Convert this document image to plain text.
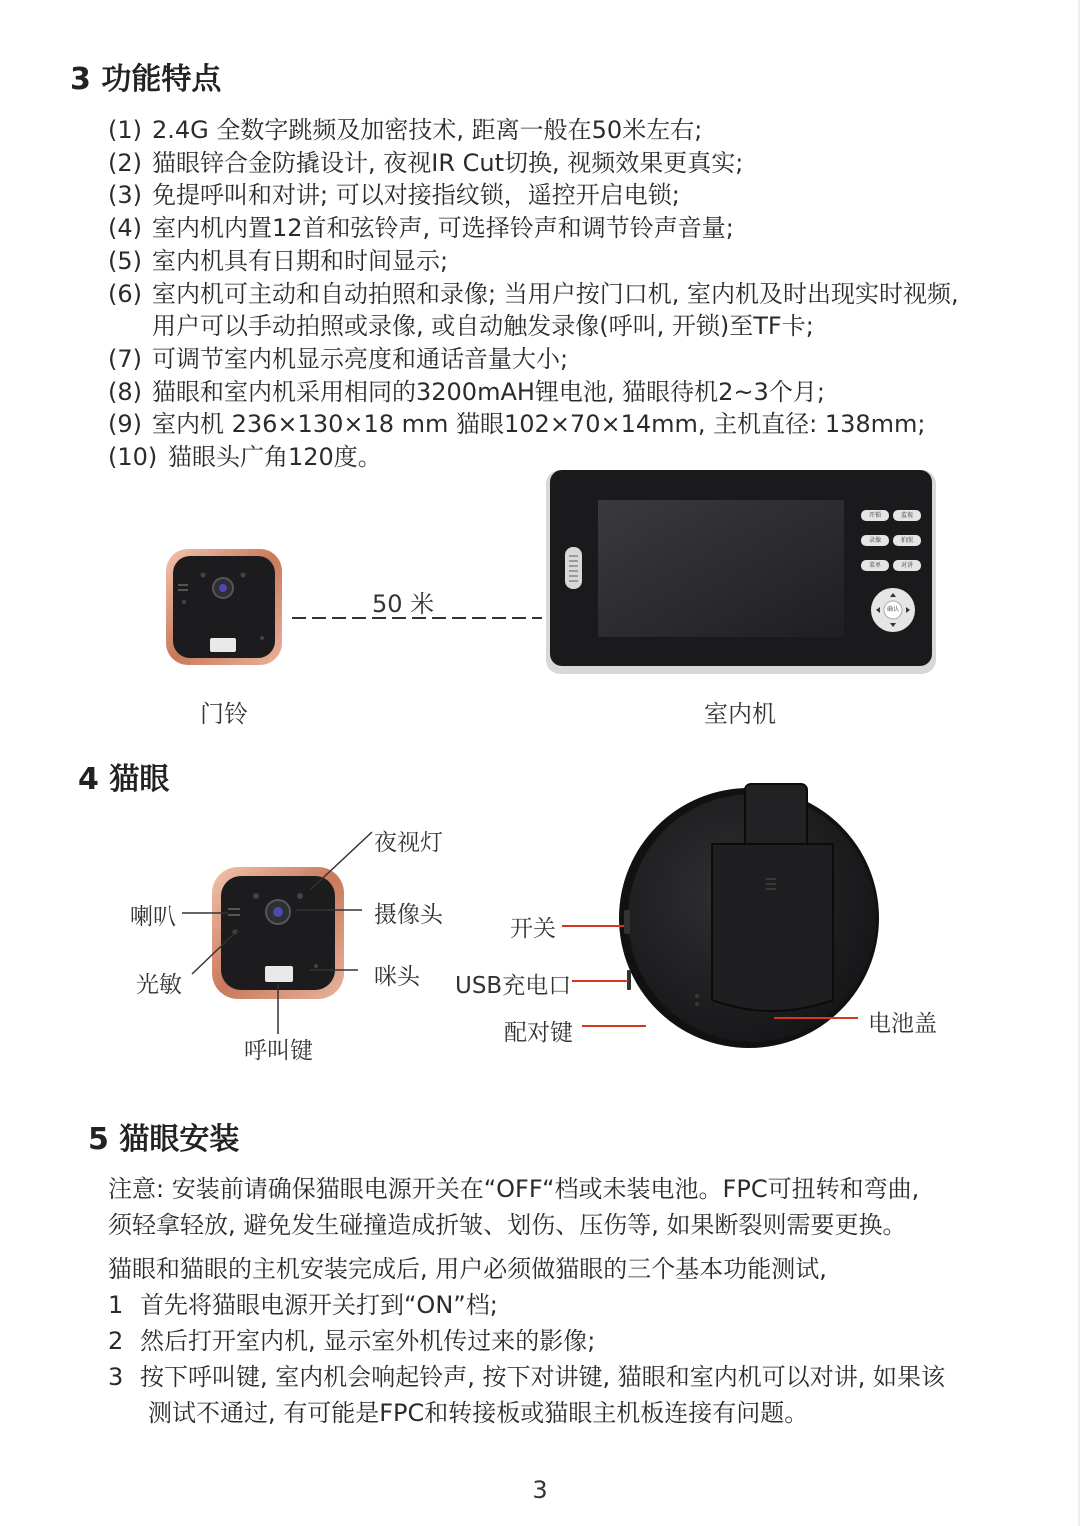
3 功能特点
(1) 2.4G 全数字跳频及加密技术, 距离一般在50米左右;
(2) 猫眼锌合金防撬设计, 夜视IR Cut切换, 视频效果更真实;
(3) 免提呼叫和对讲; 可以对接指纹锁，遥控开启电锁;
(4) 室内机内置12首和弦铃声, 可选择铃声和调节铃声音量;
(5) 室内机具有日期和时间显示;
(6) 室内机可主动和自动拍照和录像; 当用户按门口机, 室内机及时出现实时视频,
用户可以手动拍照或录像, 或自动触发录像(呼叫, 开锁)至TF卡;
(7) 可调节室内机显示亮度和通话音量大小;
(8) 猫眼和室内机采用相同的3200mAH锂电池, 猫眼待机2~3个月;
(9) 室内机 236×130×18 mm 猫眼102×70×14mm, 主机直径: 138mm;
(10) 猫眼头广角120度。
开锁	监视
录像	拍照
菜单	对讲
确认
50 米
门铃	室内机
4 猫眼
夜视灯
喇叭	摄像头
光敏	咪头
呼叫键
开关
USB充电口
配对键	电池盖
5 猫眼安装
注意: 安装前请确保猫眼电源开关在“OFF“档或未装电池。FPC可扭转和弯曲,
须轻拿轻放, 避免发生碰撞造成折皱、划伤、压伤等, 如果断裂则需要更换。
猫眼和猫眼的主机安装完成后, 用户必须做猫眼的三个基本功能测试,
1 首先将猫眼电源开关打到“ON”档;
2 然后打开室内机, 显示室外机传过来的影像;
3 按下呼叫键, 室内机会响起铃声, 按下对讲键, 猫眼和室内机可以对讲, 如果该
测试不通过, 有可能是FPC和转接板或猫眼主机板连接有问题。
3
